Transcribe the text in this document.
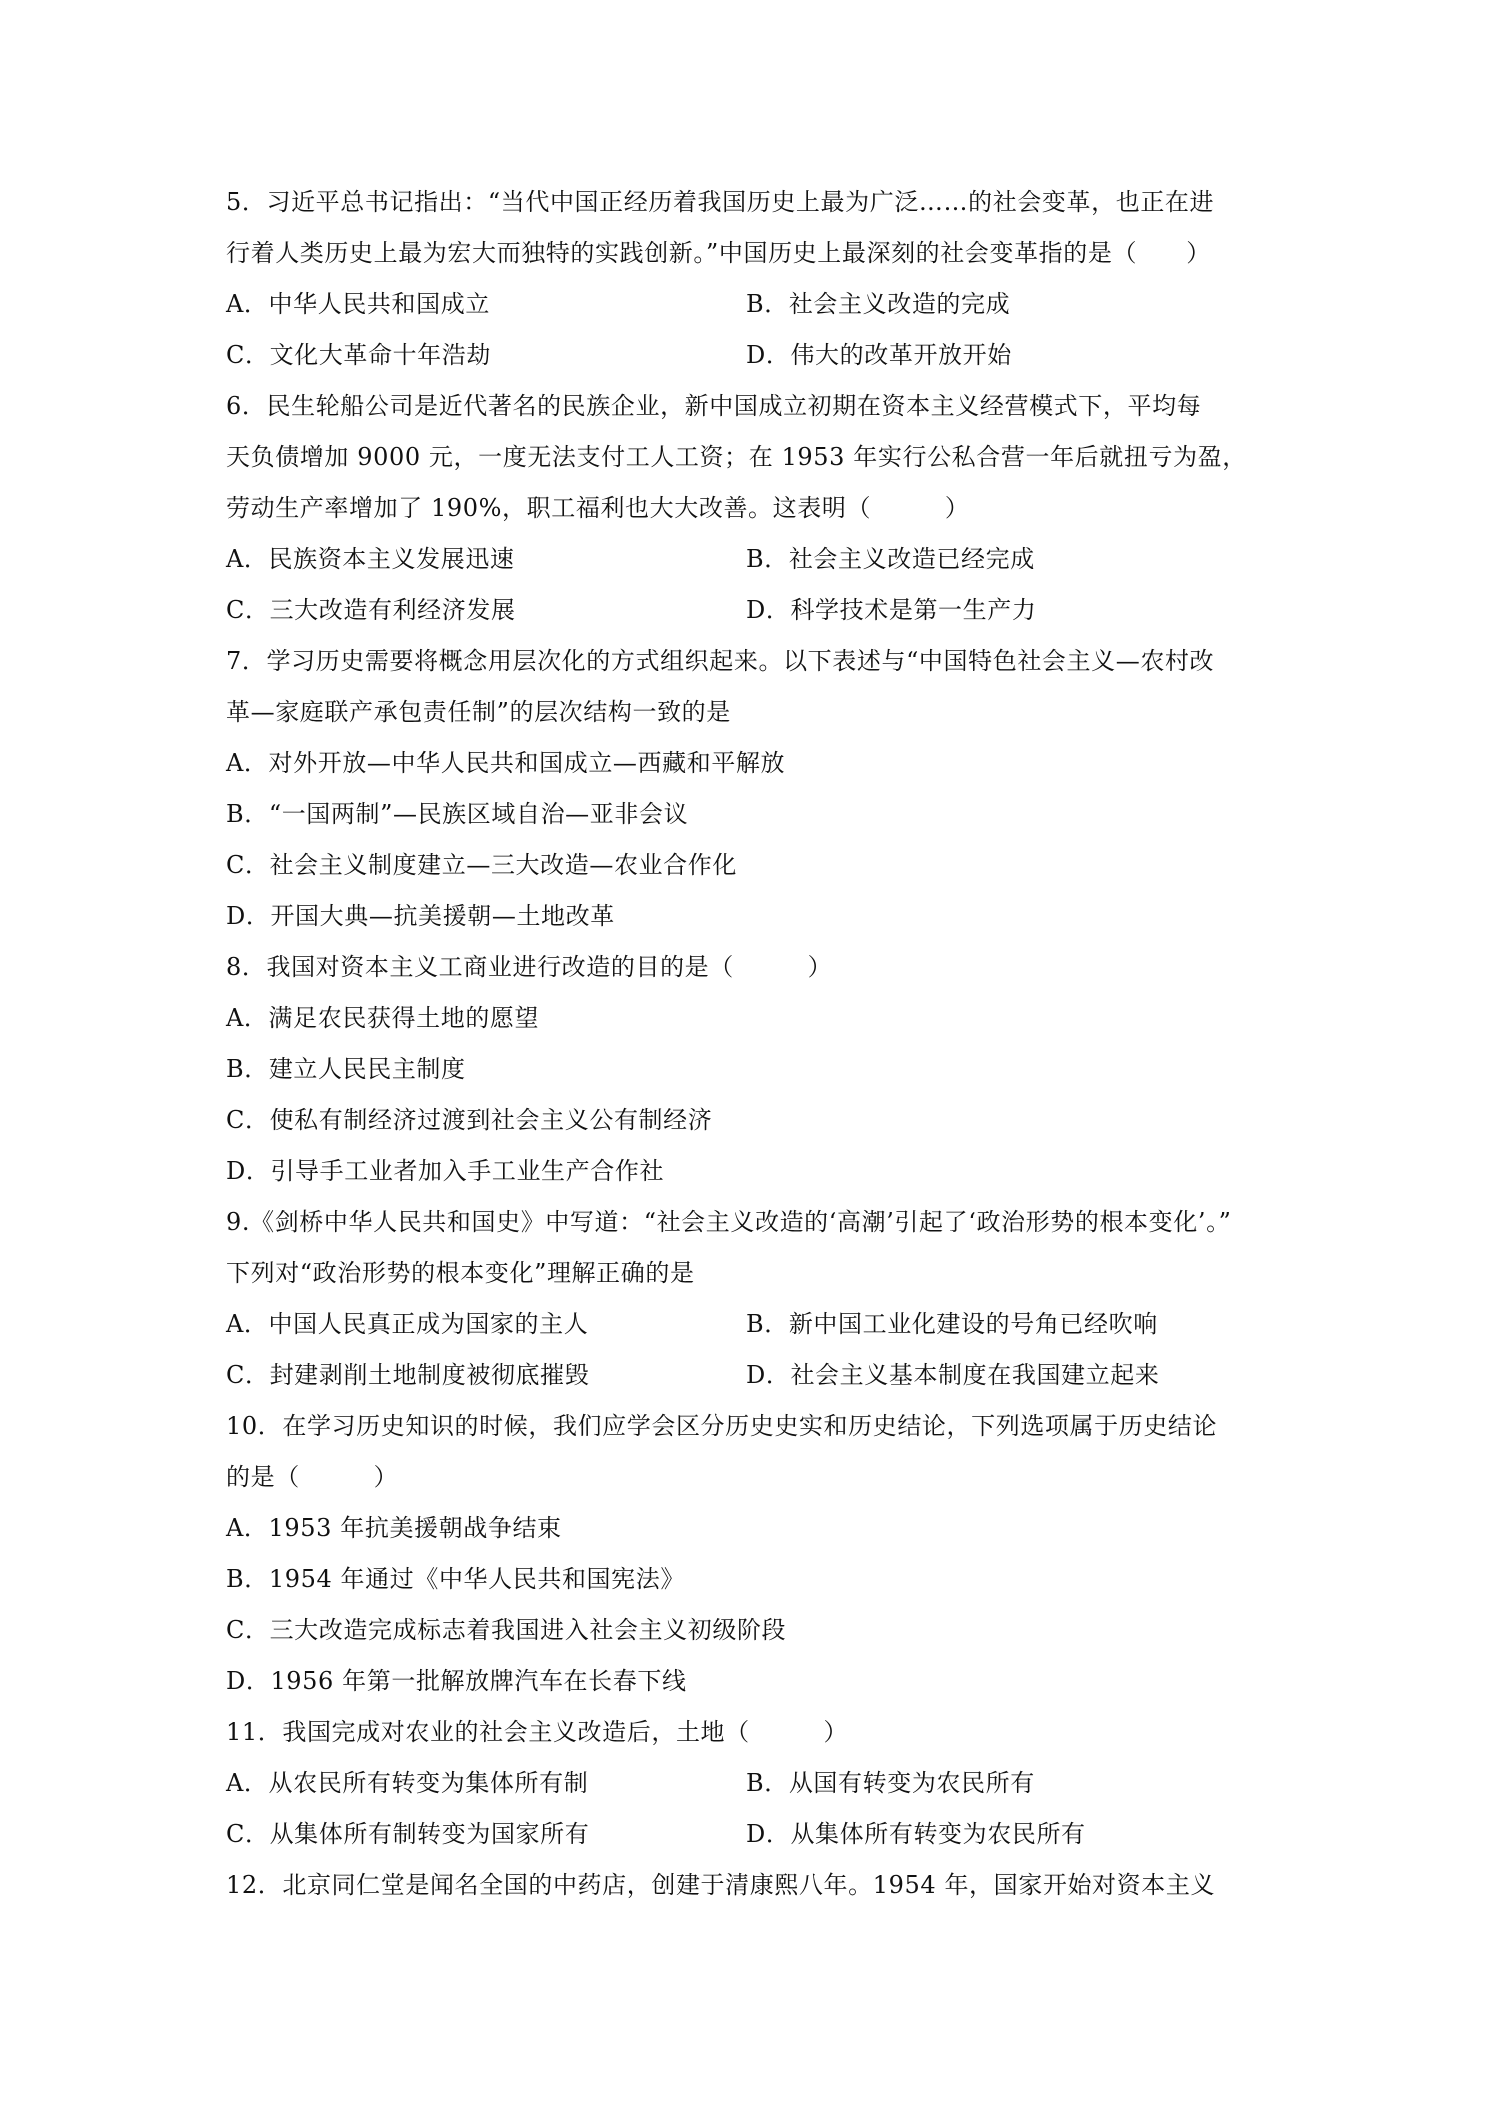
5．习近平总书记指出：“当代中国正经历着我国历史上最为广泛……的社会变革，也正在进
行着人类历史上最为宏大而独特的实践创新。”中国历史上最深刻的社会变革指的是（　　）
A．中华人民共和国成立	B．社会主义改造的完成
C．文化大革命十年浩劫	D．伟大的改革开放开始
6．民生轮船公司是近代著名的民族企业，新中国成立初期在资本主义经营模式下，平均每
天负债增加 9000 元，一度无法支付工人工资；在 1953 年实行公私合营一年后就扭亏为盈，
劳动生产率增加了 190%，职工福利也大大改善。这表明（　　　）
A．民族资本主义发展迅速	B．社会主义改造已经完成
C．三大改造有利经济发展	D．科学技术是第一生产力
7．学习历史需要将概念用层次化的方式组织起来。以下表述与“中国特色社会主义—农村改
革—家庭联产承包责任制”的层次结构一致的是
A．对外开放—中华人民共和国成立—西藏和平解放
B．“一国两制”—民族区域自治—亚非会议
C．社会主义制度建立—三大改造—农业合作化
D．开国大典—抗美援朝—土地改革
8．我国对资本主义工商业进行改造的目的是（　　　）
A．满足农民获得土地的愿望
B．建立人民民主制度
C．使私有制经济过渡到社会主义公有制经济
D．引导手工业者加入手工业生产合作社
9.《剑桥中华人民共和国史》中写道：“社会主义改造的‘高潮’引起了‘政治形势的根本变化’。”
下列对“政治形势的根本变化”理解正确的是
A．中国人民真正成为国家的主人	B．新中国工业化建设的号角已经吹响
C．封建剥削土地制度被彻底摧毁	D．社会主义基本制度在我国建立起来
10．在学习历史知识的时候，我们应学会区分历史史实和历史结论，下列选项属于历史结论
的是（　　　）
A．1953 年抗美援朝战争结束
B．1954 年通过《中华人民共和国宪法》
C．三大改造完成标志着我国进入社会主义初级阶段
D．1956 年第一批解放牌汽车在长春下线
11．我国完成对农业的社会主义改造后，土地（　　　）
A．从农民所有转变为集体所有制	B．从国有转变为农民所有
C．从集体所有制转变为国家所有	D．从集体所有转变为农民所有
12．北京同仁堂是闻名全国的中药店，创建于清康熙八年。1954 年，国家开始对资本主义
